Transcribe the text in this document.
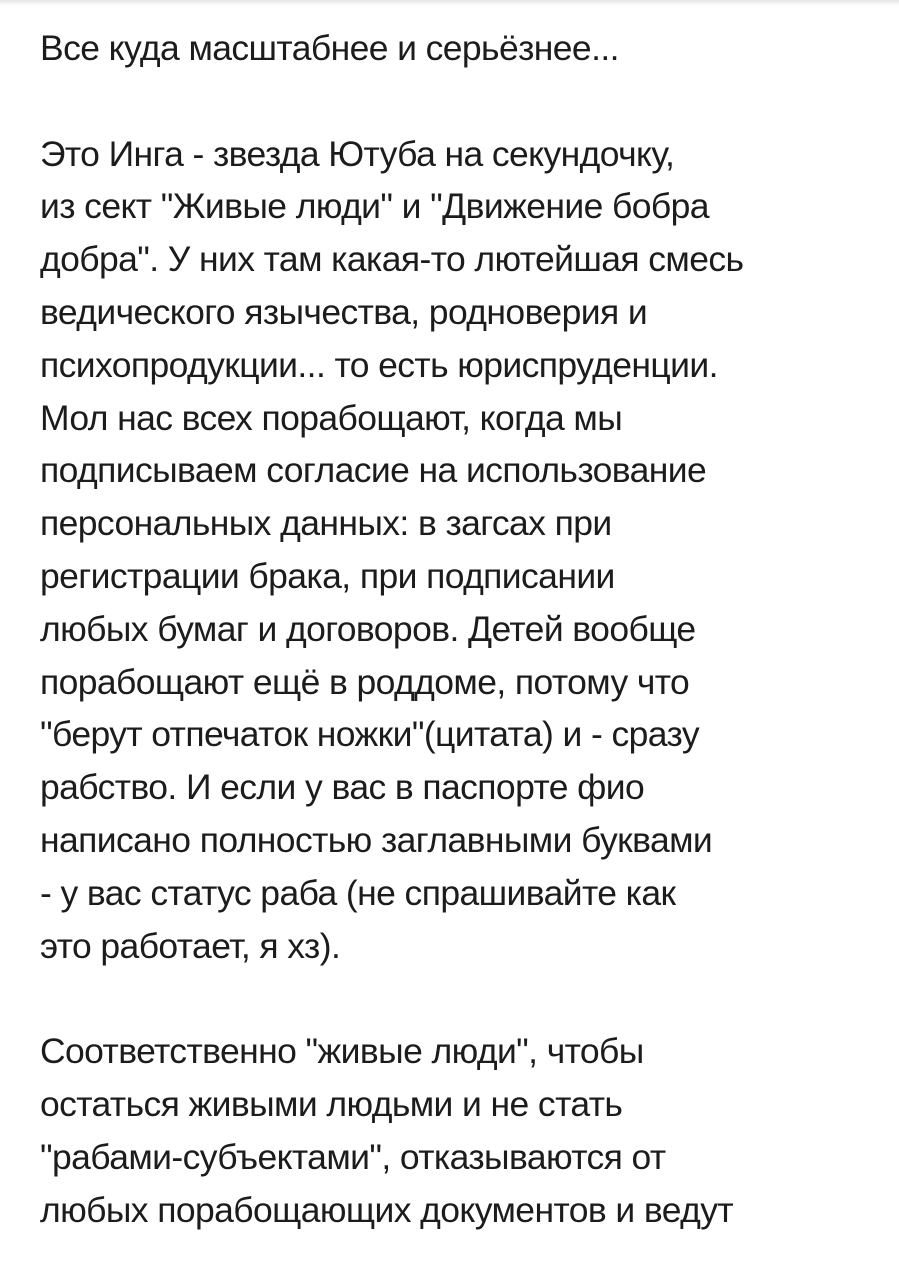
Все куда масштабнее и серьёзнее...
Это Инга - звезда Ютуба на секундочку,
из сект "Живые люди" и "Движение бобра
добра". У них там какая-то лютейшая смесь
ведического язычества, родноверия и
психопродукции... то есть юриспруденции.
Мол нас всех порабощают, когда мы
подписываем согласие на использование
персональных данных: в загсах при
регистрации брака, при подписании
любых бумаг и договоров. Детей вообще
порабощают ещё в роддоме, потому что
"берут отпечаток ножки"(цитата) и - сразу
рабство. И если у вас в паспорте фио
написано полностью заглавными буквами
- у вас статус раба (не спрашивайте как
это работает, я хз).
Соответственно "живые люди", чтобы
остаться живыми людьми и не стать
"рабами-субъектами", отказываются от
любых порабощающих документов и ведут
